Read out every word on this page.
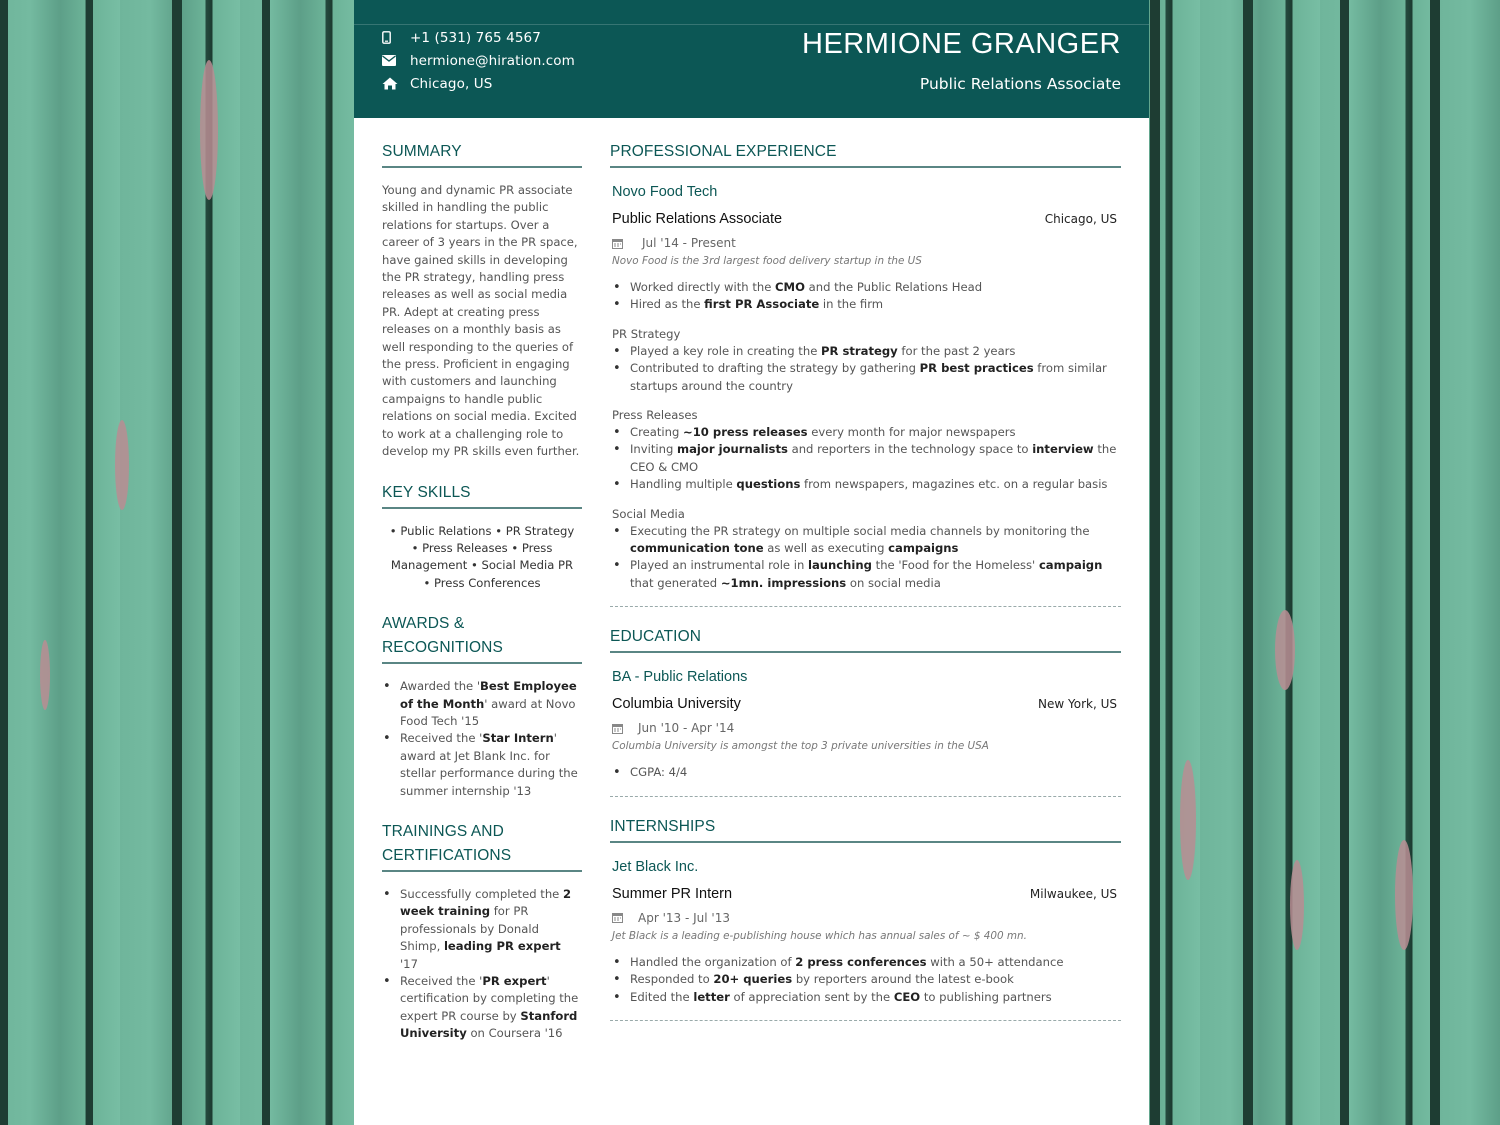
+1 (531) 765 4567
hermione@hiration.com
Chicago, US
HERMIONE GRANGER
Public Relations Associate
SUMMARY
Young and dynamic PR associate skilled in handling the public relations for startups. Over a career of 3 years in the PR space, have gained skills in developing the PR strategy, handling press releases as well as social media PR. Adept at creating press releases on a monthly basis as well responding to the queries of the press. Proficient in engaging with customers and launching campaigns to handle public relations on social media. Excited to work at a challenging role to develop my PR skills even further.
KEY SKILLS
• Public Relations • PR Strategy • Press Releases • Press Management • Social Media PR • Press Conferences
AWARDS &
RECOGNITIONS
• Awarded the 'Best Employee of the Month' award at Novo Food Tech '15
• Received the 'Star Intern' award at Jet Blank Inc. for stellar performance during the summer internship '13
TRAININGS AND
CERTIFICATIONS
• Successfully completed the 2 week training for PR professionals by Donald Shimp, leading PR expert '17
• Received the 'PR expert' certification by completing the expert PR course by Stanford University on Coursera '16
PROFESSIONAL EXPERIENCE
Novo Food Tech
Public Relations Associate	Chicago, US
Jul '14 - Present
Novo Food is the 3rd largest food delivery startup in the US
• Worked directly with the CMO and the Public Relations Head
• Hired as the first PR Associate in the firm
PR Strategy
• Played a key role in creating the PR strategy for the past 2 years
• Contributed to drafting the strategy by gathering PR best practices from similar startups around the country
Press Releases
• Creating ~10 press releases every month for major newspapers
• Inviting major journalists and reporters in the technology space to interview the CEO & CMO
• Handling multiple questions from newspapers, magazines etc. on a regular basis
Social Media
• Executing the PR strategy on multiple social media channels by monitoring the communication tone as well as executing campaigns
• Played an instrumental role in launching the 'Food for the Homeless' campaign that generated ~1mn. impressions on social media
EDUCATION
BA - Public Relations
Columbia University	New York, US
Jun '10 - Apr '14
Columbia University is amongst the top 3 private universities in the USA
• CGPA: 4/4
INTERNSHIPS
Jet Black Inc.
Summer PR Intern	Milwaukee, US
Apr '13 - Jul '13
Jet Black is a leading e-publishing house which has annual sales of ~ $ 400 mn.
• Handled the organization of 2 press conferences with a 50+ attendance
• Responded to 20+ queries by reporters around the latest e-book
• Edited the letter of appreciation sent by the CEO to publishing partners
